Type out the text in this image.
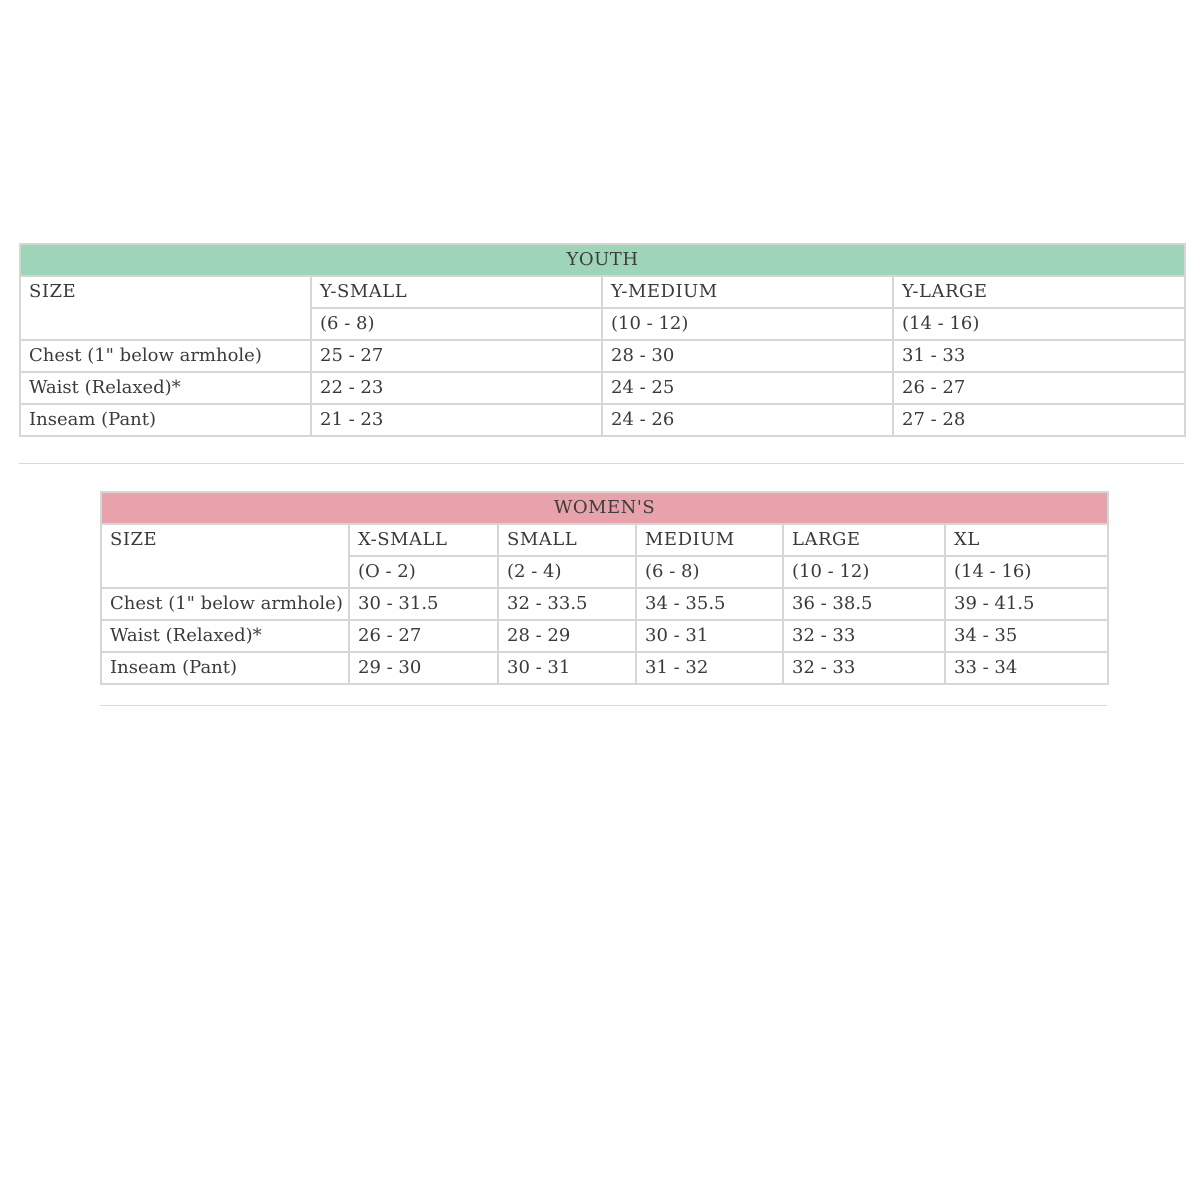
YOUTH			
SIZE	Y-SMALL	Y-MEDIUM	Y-LARGE
	(6 - 8)	(10 - 12)	(14 - 16)
Chest (1" below armhole)	25 - 27	28 - 30	31 - 33
Waist (Relaxed)*	22 - 23	24 - 25	26 - 27
Inseam (Pant)	21 - 23	24 - 26	27 - 28
WOMEN'S					
SIZE	X-SMALL	SMALL	MEDIUM	LARGE	XL
	(O - 2)	(2 - 4)	(6 - 8)	(10 - 12)	(14 - 16)
Chest (1" below armhole)	30 - 31.5	32 - 33.5	34 - 35.5	36 - 38.5	39 - 41.5
Waist (Relaxed)*	26 - 27	28 - 29	30 - 31	32 - 33	34 - 35
Inseam (Pant)	29 - 30	30 - 31	31 - 32	32 - 33	33 - 34
